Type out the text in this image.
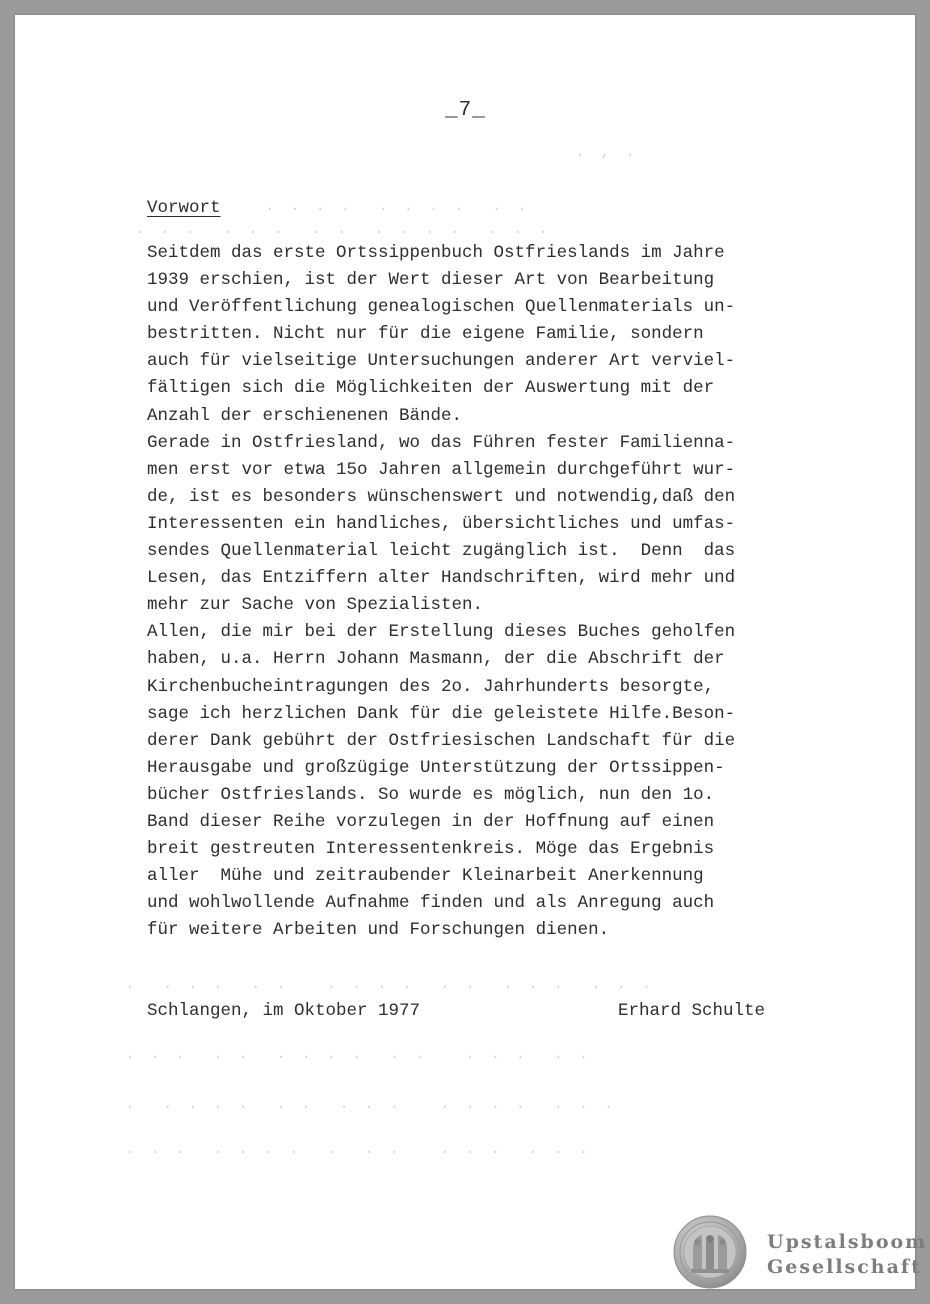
. , .
. . . .  . . . .  . .
. . .  . . .  . .  . . . .  . . .
.  . . .  . .   . . . .  . .  . . .  . . .
. . .  . .  . . . .  . .   . . .  . .
.  . . . .  . .  . . .   . . . .  . . .
. . .  . . . .  .  . .   . . .  . . .
_7_
Vorwort
Seitdem das erste Ortssippenbuch Ostfrieslands im Jahre
1939 erschien, ist der Wert dieser Art von Bearbeitung
und Veröffentlichung genealogischen Quellenmaterials un-
bestritten. Nicht nur für die eigene Familie, sondern
auch für vielseitige Untersuchungen anderer Art verviel-
fältigen sich die Möglichkeiten der Auswertung mit der
Anzahl der erschienenen Bände.
Gerade in Ostfriesland, wo das Führen fester Familienna-
men erst vor etwa 15o Jahren allgemein durchgeführt wur-
de, ist es besonders wünschenswert und notwendig,daß den
Interessenten ein handliches, übersichtliches und umfas-
sendes Quellenmaterial leicht zugänglich ist.  Denn  das
Lesen, das Entziffern alter Handschriften, wird mehr und
mehr zur Sache von Spezialisten.
Allen, die mir bei der Erstellung dieses Buches geholfen
haben, u.a. Herrn Johann Masmann, der die Abschrift der
Kirchenbucheintragungen des 2o. Jahrhunderts besorgte,
sage ich herzlichen Dank für die geleistete Hilfe.Beson-
derer Dank gebührt der Ostfriesischen Landschaft für die
Herausgabe und großzügige Unterstützung der Ortssippen-
bücher Ostfrieslands. So wurde es möglich, nun den 1o.
Band dieser Reihe vorzulegen in der Hoffnung auf einen
breit gestreuten Interessentenkreis. Möge das Ergebnis
aller  Mühe und zeitraubender Kleinarbeit Anerkennung
und wohlwollende Aufnahme finden und als Anregung auch
für weitere Arbeiten und Forschungen dienen.
Schlangen, im Oktober 1977	Erhard Schulte
Upstalsboom
Gesellschaft
